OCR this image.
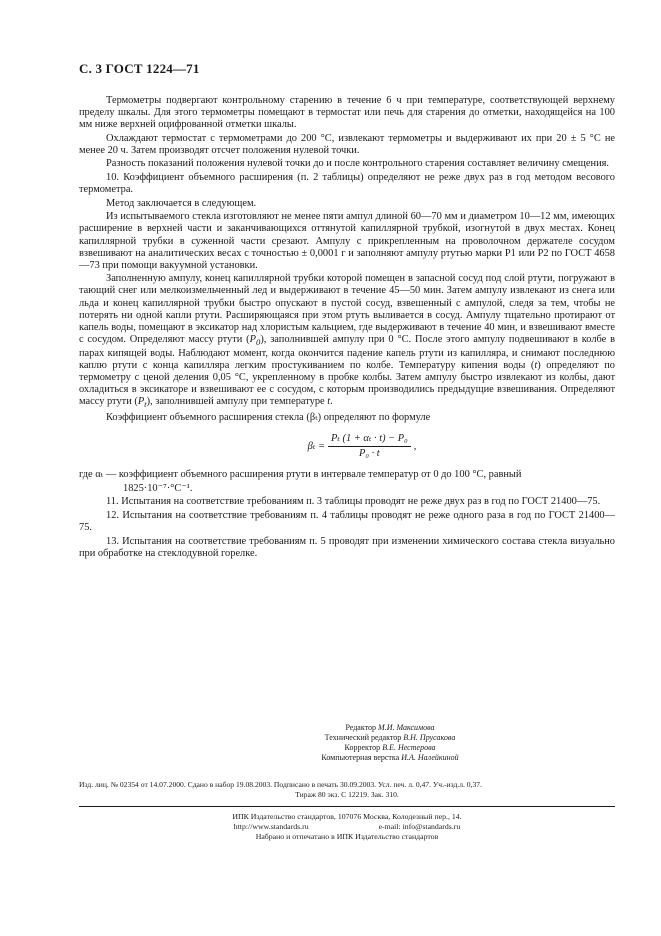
С. 3 ГОСТ 1224—71

Термометры подвергают контрольному старению в течение 6 ч при температуре, соответствующей верхнему пределу шкалы. Для этого термометры помещают в термостат или печь для старения до отметки, находящейся на 100 мм ниже верхней оцифрованной отметки шкалы.

Охлаждают термостат с термометрами до 200 °С, извлекают термометры и выдерживают их при 20 ± 5 °С не менее 20 ч. Затем производят отсчет положения нулевой точки.

Разность показаний положения нулевой точки до и после контрольного старения составляет величину смещения.

10. Коэффициент объемного расширения (п. 2 таблицы) определяют не реже двух раз в год методом весового термометра.

Метод заключается в следующем.

Из испытываемого стекла изготовляют не менее пяти ампул длиной 60—70 мм и диаметром 10—12 мм, имеющих расширение в верхней части и заканчивающихся оттянутой капиллярной трубкой, изогнутой в двух местах. Конец капиллярной трубки в суженной части срезают. Ампулу с прикрепленным на проволочном держателе сосудом взвешивают на аналитических весах с точностью ± 0,0001 г и заполняют ампулу ртутью марки Р1 или Р2 по ГОСТ 4658—73 при помощи вакуумной установки.

Заполненную ампулу, конец капиллярной трубки которой помещен в запасной сосуд под слой ртути, погружают в тающий снег или мелкоизмельченный лед и выдерживают в течение 45—50 мин. Затем ампулу извлекают из снега или льда и конец капиллярной трубки быстро опускают в пустой сосуд, взвешенный с ампулой, следя за тем, чтобы не потерять ни одной капли ртути. Расширяющаяся при этом ртуть выливается в сосуд. Ампулу тщательно протирают от капель воды, помещают в эксикатор над хлористым кальцием, где выдерживают в течение 40 мин, и взвешивают вместе с сосудом. Определяют массу ртути $(P_0)$, заполнившей ампулу при 0 °С. После этого ампулу подвешивают в колбе в парах кипящей воды. Наблюдают момент, когда окончится падение капель ртути из капилляра, и снимают последнюю каплю ртути с конца капилляра легким простукиванием по колбе. Температуру кипения воды (t) определяют по термометру с ценой деления 0,05 °С, укрепленному в пробке колбы. Затем ампулу быстро извлекают из колбы, дают охладиться в эксикаторе и взвешивают ее с сосудом, с которым производились предыдущие взвешивания. Определяют массу ртути $(P_t)$, заполнившей ампулу при температуре t.

Коэффициент объемного расширения стекла (βₜ) определяют по формуле

$\beta_t = \frac{\text{Pₜ (1 + αₜ · t) − P₀}}{\text{P₀ · t}}$ ,

где αₜ — коэффициент объемного расширения ртути в интервале температур от 0 до 100 °С, равный

1825·10⁻⁷·°С⁻¹.

11. Испытания на соответствие требованиям п. 3 таблицы проводят не реже двух раз в год по ГОСТ 21400—75.

12. Испытания на соответствие требованиям п. 4 таблицы проводят не реже одного раза в год по ГОСТ 21400—75.

13. Испытания на соответствие требованиям п. 5 проводят при изменении химического состава стекла визуально при обработке на стеклодувной горелке.

Редактор М.И. Максимова
Технический редактор В.Н. Прусакова
Корректор В.Е. Нестерова
Компьютерная верстка И.А. Налейкиной
Изд. лиц. № 02354 от 14.07.2000. Сдано в набор 19.08.2003. Подписано в печать 30.09.2003. Усл. печ. л. 0,47. Уч.-изд.л. 0,37.
Тираж 80 экз. С 12219. Зак. 310.
ИПК Издательство стандартов, 107076 Москва, Колодезный пер., 14.
http://www.standards.ru	e-mail: info@standards.ru
Набрано и отпечатано в ИПК Издательство стандартов
